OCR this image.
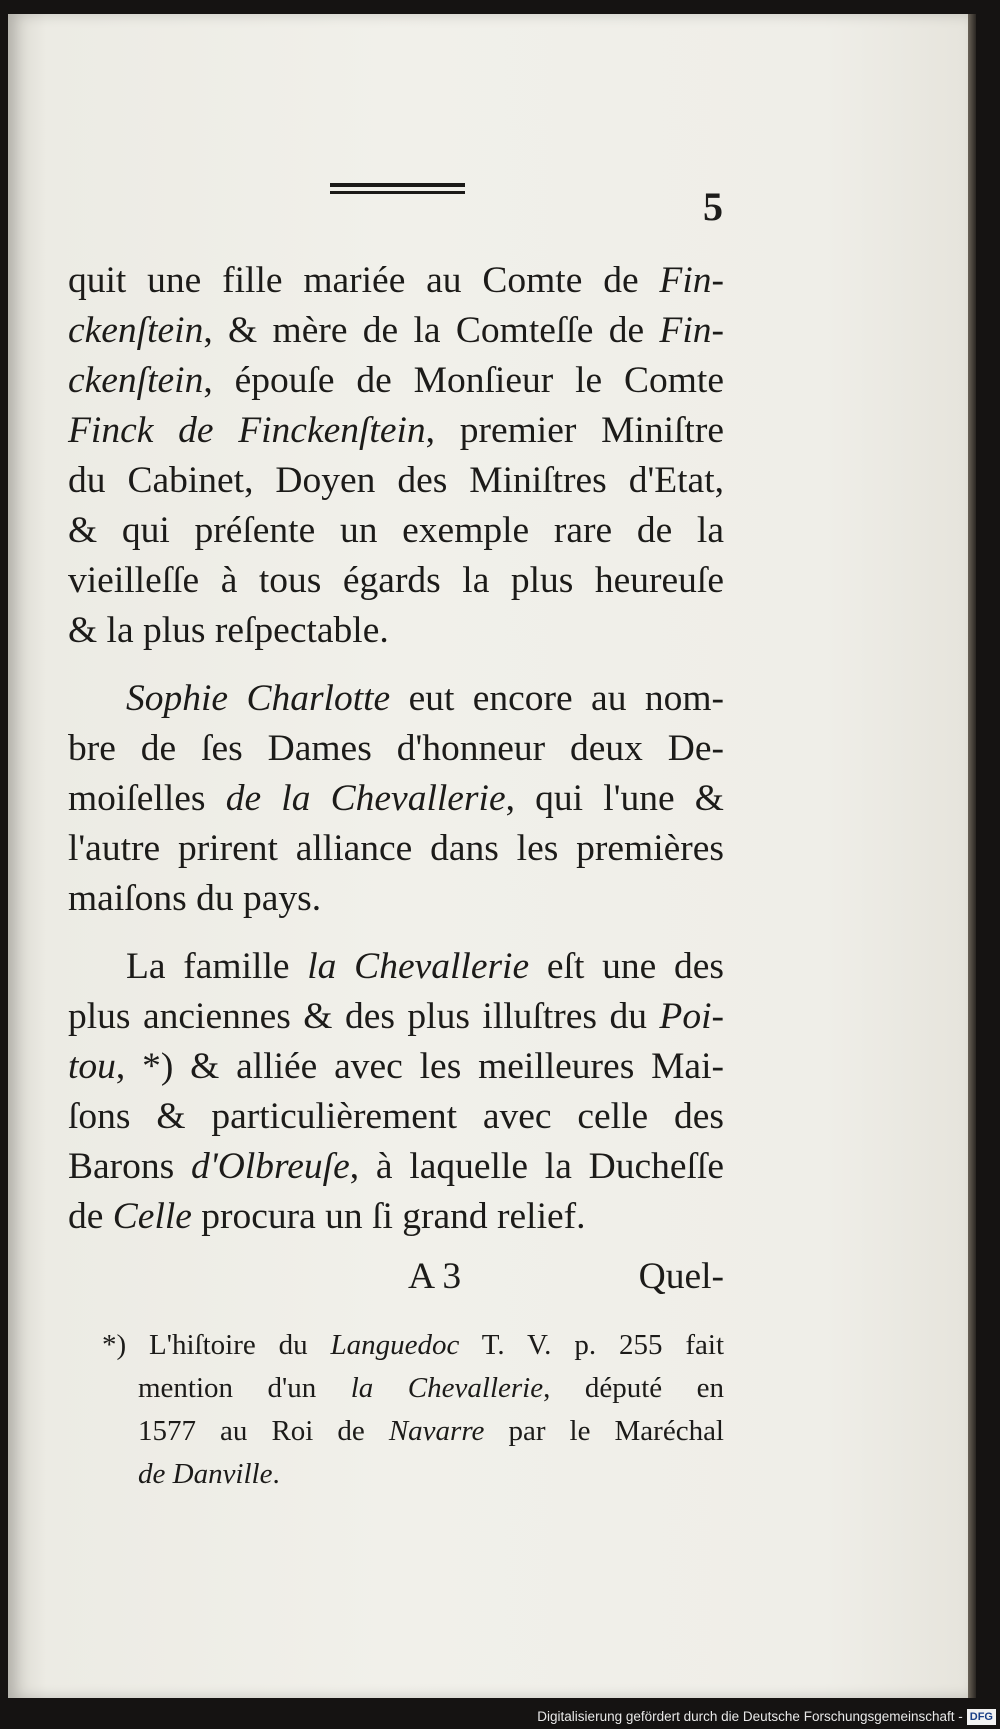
5
quit une fille mariée au Comte de Fin-
ckenſtein, & mère de la Comteſſe de Fin-
ckenſtein, épouſe de Monſieur le Comte
Finck de Finckenſtein, premier Miniſtre
du Cabinet, Doyen des Miniſtres d'Etat,
& qui préſente un exemple rare de la
vieilleſſe à tous égards la plus heureuſe
& la plus reſpectable.
Sophie Charlotte eut encore au nom-
bre de ſes Dames d'honneur deux De-
moiſelles de la Chevallerie, qui l'une &
l'autre prirent alliance dans les premières
maiſons du pays.
La famille la Chevallerie eſt une des
plus anciennes & des plus illuſtres du Poi-
tou, *) & alliée avec les meilleures Mai-
ſons & particulièrement avec celle des
Barons d'Olbreuſe, à laquelle la Ducheſſe
de Celle procura un ſi grand relief.
A 3	Quel-
*) L'hiſtoire du Languedoc T. V. p. 255 fait
mention d'un la Chevallerie, député en
1577 au Roi de Navarre par le Maréchal
de Danville.
Digitalisierung gefördert durch die Deutsche Forschungsgemeinschaft - DFG
